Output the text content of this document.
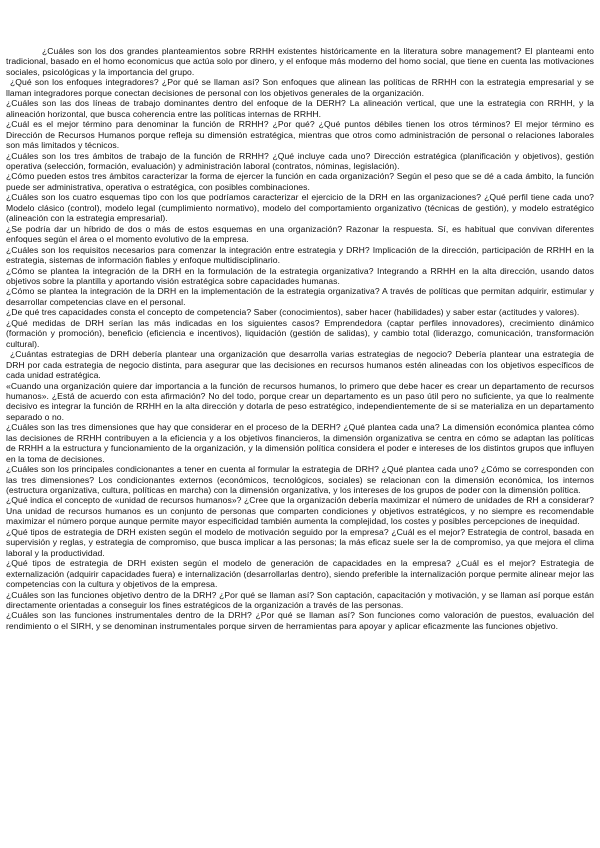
¿Cuáles son los dos grandes planteamientos sobre RRHH existentes históricamente en la literatura sobre management? El planteami ento tradicional, basado en el homo economicus que actúa solo por dinero, y el enfoque más moderno del homo social, que tiene en cuenta las motivaciones sociales, psicológicas y la importancia del grupo.

¿Qué son los enfoques integradores? ¿Por qué se llaman así? Son enfoques que alinean las políticas de RRHH con la estrategia empresarial y se llaman integradores porque conectan decisiones de personal con los objetivos generales de la organización.

¿Cuáles son las dos líneas de trabajo dominantes dentro del enfoque de la DERH? La alineación vertical, que une la estrategia con RRHH, y la alineación horizontal, que busca coherencia entre las políticas internas de RRHH.

¿Cuál es el mejor término para denominar la función de RRHH? ¿Por qué? ¿Qué puntos débiles tienen los otros términos? El mejor término es Dirección de Recursos Humanos porque refleja su dimensión estratégica, mientras que otros como administración de personal o relaciones laborales son más limitados y técnicos.

¿Cuáles son los tres ámbitos de trabajo de la función de RRHH? ¿Qué incluye cada uno? Dirección estratégica (planificación y objetivos), gestión operativa (selección, formación, evaluación) y administración laboral (contratos, nóminas, legislación).

¿Cómo pueden estos tres ámbitos caracterizar la forma de ejercer la función en cada organización? Según el peso que se dé a cada ámbito, la función puede ser administrativa, operativa o estratégica, con posibles combinaciones.

¿Cuáles son los cuatro esquemas tipo con los que podríamos caracterizar el ejercicio de la DRH en las organizaciones? ¿Qué perfil tiene cada uno? Modelo clásico (control), modelo legal (cumplimiento normativo), modelo del comportamiento organizativo (técnicas de gestión), y modelo estratégico (alineación con la estrategia empresarial).

¿Se podría dar un híbrido de dos o más de estos esquemas en una organización? Razonar la respuesta. Sí, es habitual que convivan diferentes enfoques según el área o el momento evolutivo de la empresa.

¿Cuáles son los requisitos necesarios para comenzar la integración entre estrategia y DRH? Implicación de la dirección, participación de RRHH en la estrategia, sistemas de información fiables y enfoque multidisciplinario.

¿Cómo se plantea la integración de la DRH en la formulación de la estrategia organizativa? Integrando a RRHH en la alta dirección, usando datos objetivos sobre la plantilla y aportando visión estratégica sobre capacidades humanas.

¿Cómo se plantea la integración de la DRH en la implementación de la estrategia organizativa? A través de políticas que permitan adquirir, estimular y desarrollar competencias clave en el personal.

¿De qué tres capacidades consta el concepto de competencia? Saber (conocimientos), saber hacer (habilidades) y saber estar (actitudes y valores).

¿Qué medidas de DRH serían las más indicadas en los siguientes casos? Emprendedora (captar perfiles innovadores), crecimiento dinámico (formación y promoción), beneficio (eficiencia e incentivos), liquidación (gestión de salidas), y cambio total (liderazgo, comunicación, transformación cultural).

¿Cuántas estrategias de DRH debería plantear una organización que desarrolla varias estrategias de negocio? Debería plantear una estrategia de DRH por cada estrategia de negocio distinta, para asegurar que las decisiones en recursos humanos estén alineadas con los objetivos específicos de cada unidad estratégica.

«Cuando una organización quiere dar importancia a la función de recursos humanos, lo primero que debe hacer es crear un departamento de recursos humanos». ¿Está de acuerdo con esta afirmación? No del todo, porque crear un departamento es un paso útil pero no suficiente, ya que lo realmente decisivo es integrar la función de RRHH en la alta dirección y dotarla de peso estratégico, independientemente de si se materializa en un departamento separado o no.

¿Cuáles son las tres dimensiones que hay que considerar en el proceso de la DERH? ¿Qué plantea cada una? La dimensión económica plantea cómo las decisiones de RRHH contribuyen a la eficiencia y a los objetivos financieros, la dimensión organizativa se centra en cómo se adaptan las políticas de RRHH a la estructura y funcionamiento de la organización, y la dimensión política considera el poder e intereses de los distintos grupos que influyen en la toma de decisiones.

¿Cuáles son los principales condicionantes a tener en cuenta al formular la estrategia de DRH? ¿Qué plantea cada uno? ¿Cómo se corresponden con las tres dimensiones? Los condicionantes externos (económicos, tecnológicos, sociales) se relacionan con la dimensión económica, los internos (estructura organizativa, cultura, políticas en marcha) con la dimensión organizativa, y los intereses de los grupos de poder con la dimensión política.

¿Qué indica el concepto de «unidad de recursos humanos»? ¿Cree que la organización debería maximizar el número de unidades de RH a considerar? Una unidad de recursos humanos es un conjunto de personas que comparten condiciones y objetivos estratégicos, y no siempre es recomendable maximizar el número porque aunque permite mayor especificidad también aumenta la complejidad, los costes y posibles percepciones de inequidad.

¿Qué tipos de estrategia de DRH existen según el modelo de motivación seguido por la empresa? ¿Cuál es el mejor? Estrategia de control, basada en supervisión y reglas, y estrategia de compromiso, que busca implicar a las personas; la más eficaz suele ser la de compromiso, ya que mejora el clima laboral y la productividad.

¿Qué tipos de estrategia de DRH existen según el modelo de generación de capacidades en la empresa? ¿Cuál es el mejor? Estrategia de externalización (adquirir capacidades fuera) e internalización (desarrollarlas dentro), siendo preferible la internalización porque permite alinear mejor las competencias con la cultura y objetivos de la empresa.

¿Cuáles son las funciones objetivo dentro de la DRH? ¿Por qué se llaman así? Son captación, capacitación y motivación, y se llaman así porque están directamente orientadas a conseguir los fines estratégicos de la organización a través de las personas.

¿Cuáles son las funciones instrumentales dentro de la DRH? ¿Por qué se llaman así? Son funciones como valoración de puestos, evaluación del rendimiento o el SIRH, y se denominan instrumentales porque sirven de herramientas para apoyar y aplicar eficazmente las funciones objetivo.
